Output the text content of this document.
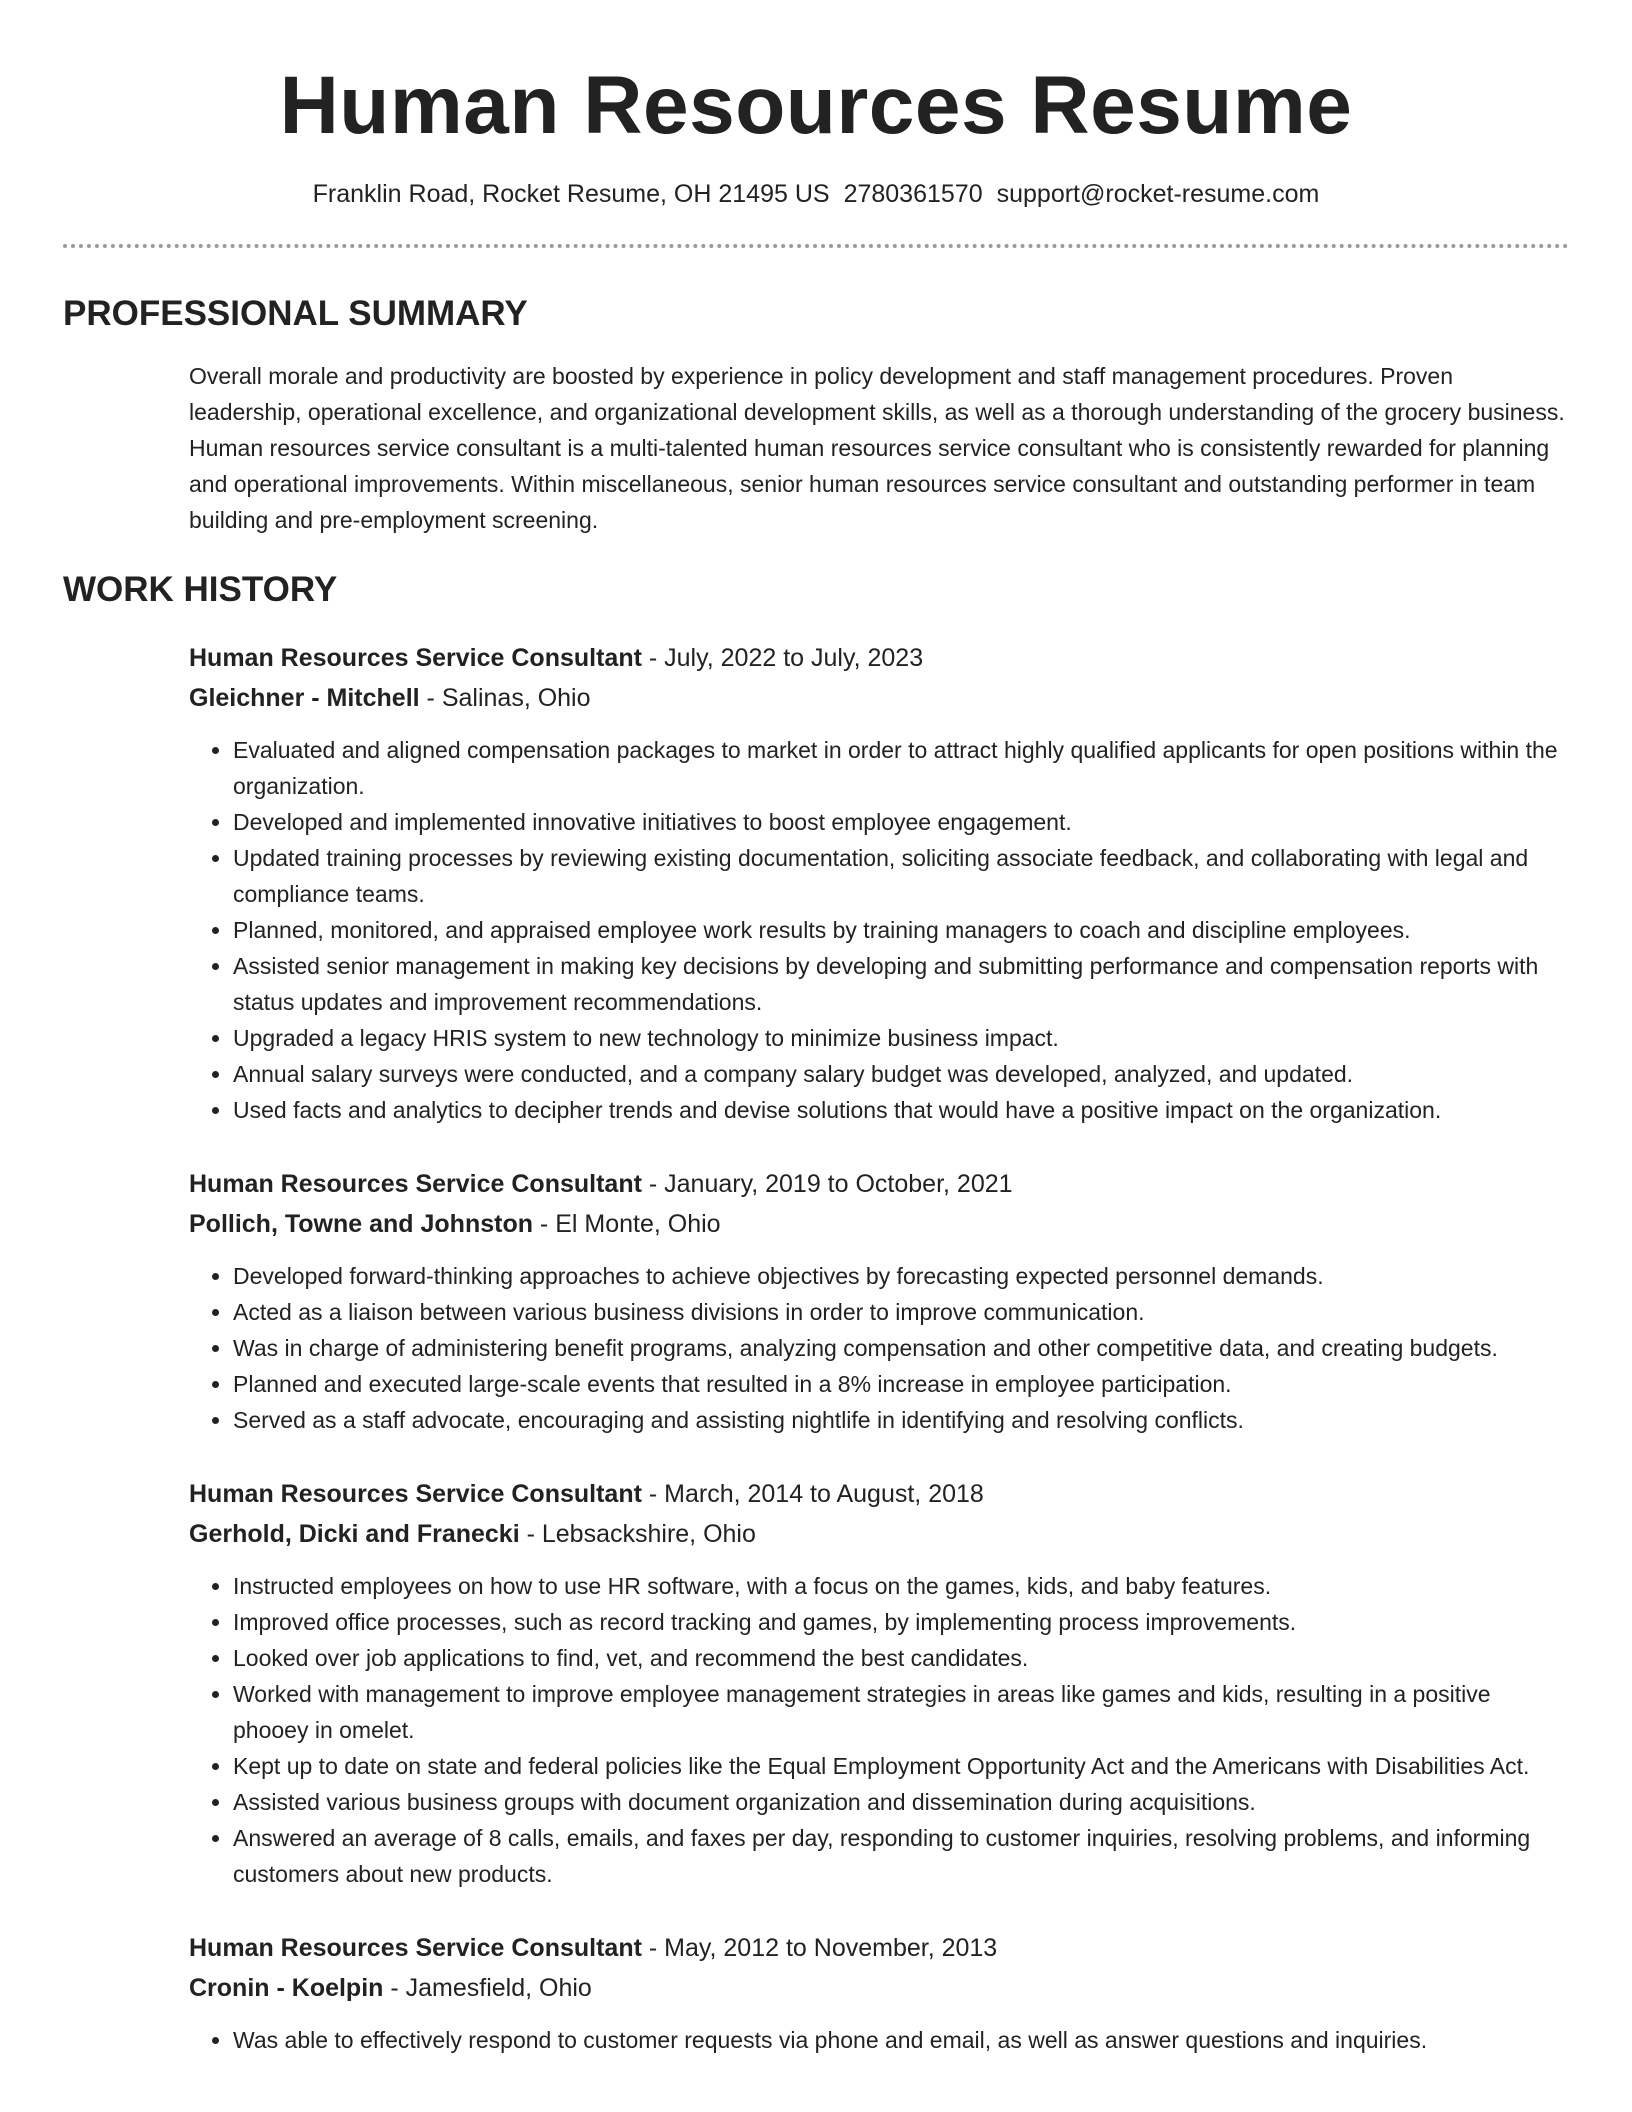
Human Resources Resume
Franklin Road, Rocket Resume, OH 21495 US 2780361570 support@rocket-resume.com
PROFESSIONAL SUMMARY

Overall morale and productivity are boosted by experience in policy development and staff management procedures. Proven leadership, operational excellence, and organizational development skills, as well as a thorough understanding of the grocery business. Human resources service consultant is a multi-talented human resources service consultant who is consistently rewarded for planning and operational improvements. Within miscellaneous, senior human resources service consultant and outstanding performer in team building and pre-employment screening.

WORK HISTORY
Human Resources Service Consultant - July, 2022 to July, 2023
Gleichner - Mitchell - Salinas, Ohio
• Evaluated and aligned compensation packages to market in order to attract highly qualified applicants for open positions within the organization.
• Developed and implemented innovative initiatives to boost employee engagement.
• Updated training processes by reviewing existing documentation, soliciting associate feedback, and collaborating with legal and compliance teams.
• Planned, monitored, and appraised employee work results by training managers to coach and discipline employees.
• Assisted senior management in making key decisions by developing and submitting performance and compensation reports with status updates and improvement recommendations.
• Upgraded a legacy HRIS system to new technology to minimize business impact.
• Annual salary surveys were conducted, and a company salary budget was developed, analyzed, and updated.
• Used facts and analytics to decipher trends and devise solutions that would have a positive impact on the organization.
Human Resources Service Consultant - January, 2019 to October, 2021
Pollich, Towne and Johnston - El Monte, Ohio
• Developed forward-thinking approaches to achieve objectives by forecasting expected personnel demands.
• Acted as a liaison between various business divisions in order to improve communication.
• Was in charge of administering benefit programs, analyzing compensation and other competitive data, and creating budgets.
• Planned and executed large-scale events that resulted in a 8% increase in employee participation.
• Served as a staff advocate, encouraging and assisting nightlife in identifying and resolving conflicts.
Human Resources Service Consultant - March, 2014 to August, 2018
Gerhold, Dicki and Franecki - Lebsackshire, Ohio
• Instructed employees on how to use HR software, with a focus on the games, kids, and baby features.
• Improved office processes, such as record tracking and games, by implementing process improvements.
• Looked over job applications to find, vet, and recommend the best candidates.
• Worked with management to improve employee management strategies in areas like games and kids, resulting in a positive phooey in omelet.
• Kept up to date on state and federal policies like the Equal Employment Opportunity Act and the Americans with Disabilities Act.
• Assisted various business groups with document organization and dissemination during acquisitions.
• Answered an average of 8 calls, emails, and faxes per day, responding to customer inquiries, resolving problems, and informing customers about new products.
Human Resources Service Consultant - May, 2012 to November, 2013
Cronin - Koelpin - Jamesfield, Ohio
• Was able to effectively respond to customer requests via phone and email, as well as answer questions and inquiries.
